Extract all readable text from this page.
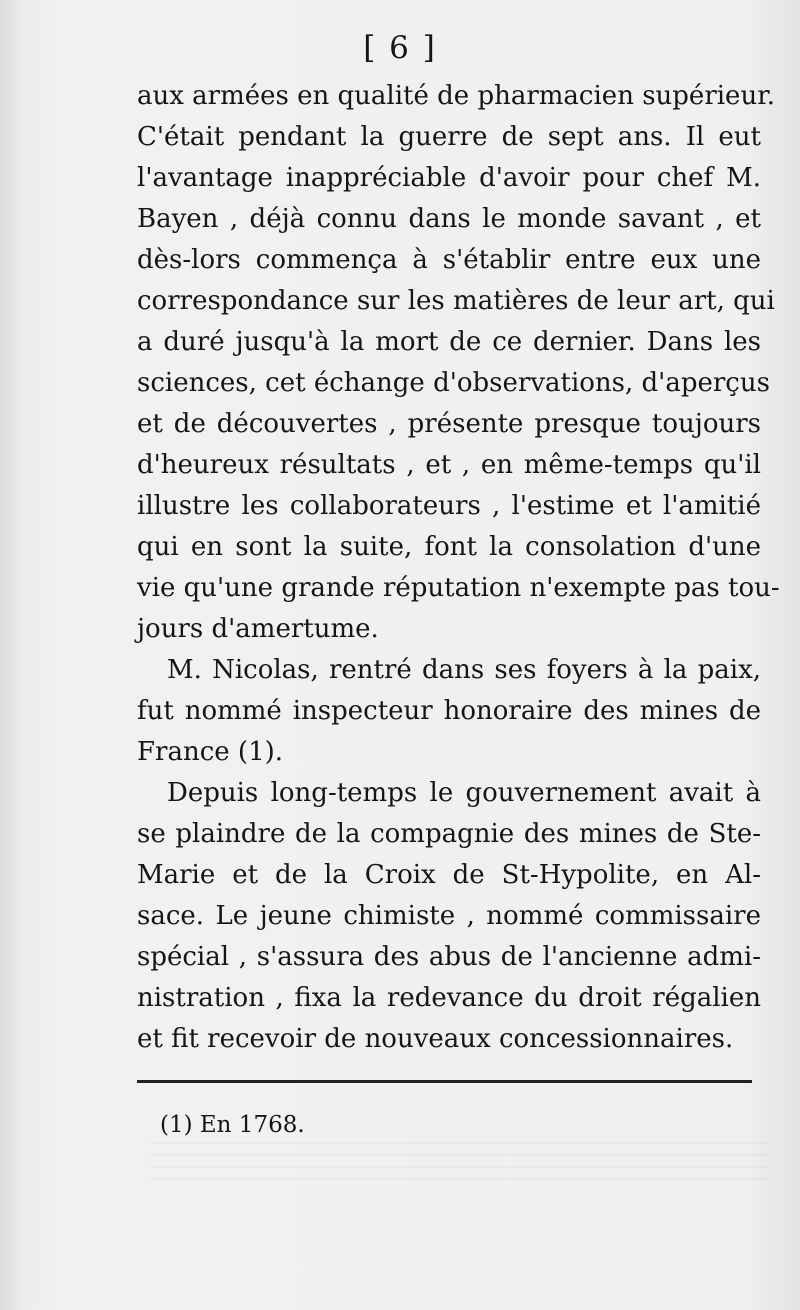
[ 6 ]
aux armées en qualité de pharmacien supérieur.
C'était pendant la guerre de sept ans. Il eut
l'avantage inappréciable d'avoir pour chef M.
Bayen , déjà connu dans le monde savant , et
dès-lors commença à s'établir entre eux une
correspondance sur les matières de leur art, qui
a duré jusqu'à la mort de ce dernier. Dans les
sciences, cet échange d'observations, d'aperçus
et de découvertes , présente presque toujours
d'heureux résultats , et , en même-temps qu'il
illustre les collaborateurs , l'estime et l'amitié
qui en sont la suite, font la consolation d'une
vie qu'une grande réputation n'exempte pas tou-
jours d'amertume.
M. Nicolas, rentré dans ses foyers à la paix,
fut nommé inspecteur honoraire des mines de
France (1).
Depuis long-temps le gouvernement avait à
se plaindre de la compagnie des mines de Ste-
Marie et de la Croix de St-Hypolite, en Al-
sace. Le jeune chimiste , nommé commissaire
spécial , s'assura des abus de l'ancienne admi-
nistration , fixa la redevance du droit régalien
et fit recevoir de nouveaux concessionnaires.
(1) En 1768.
